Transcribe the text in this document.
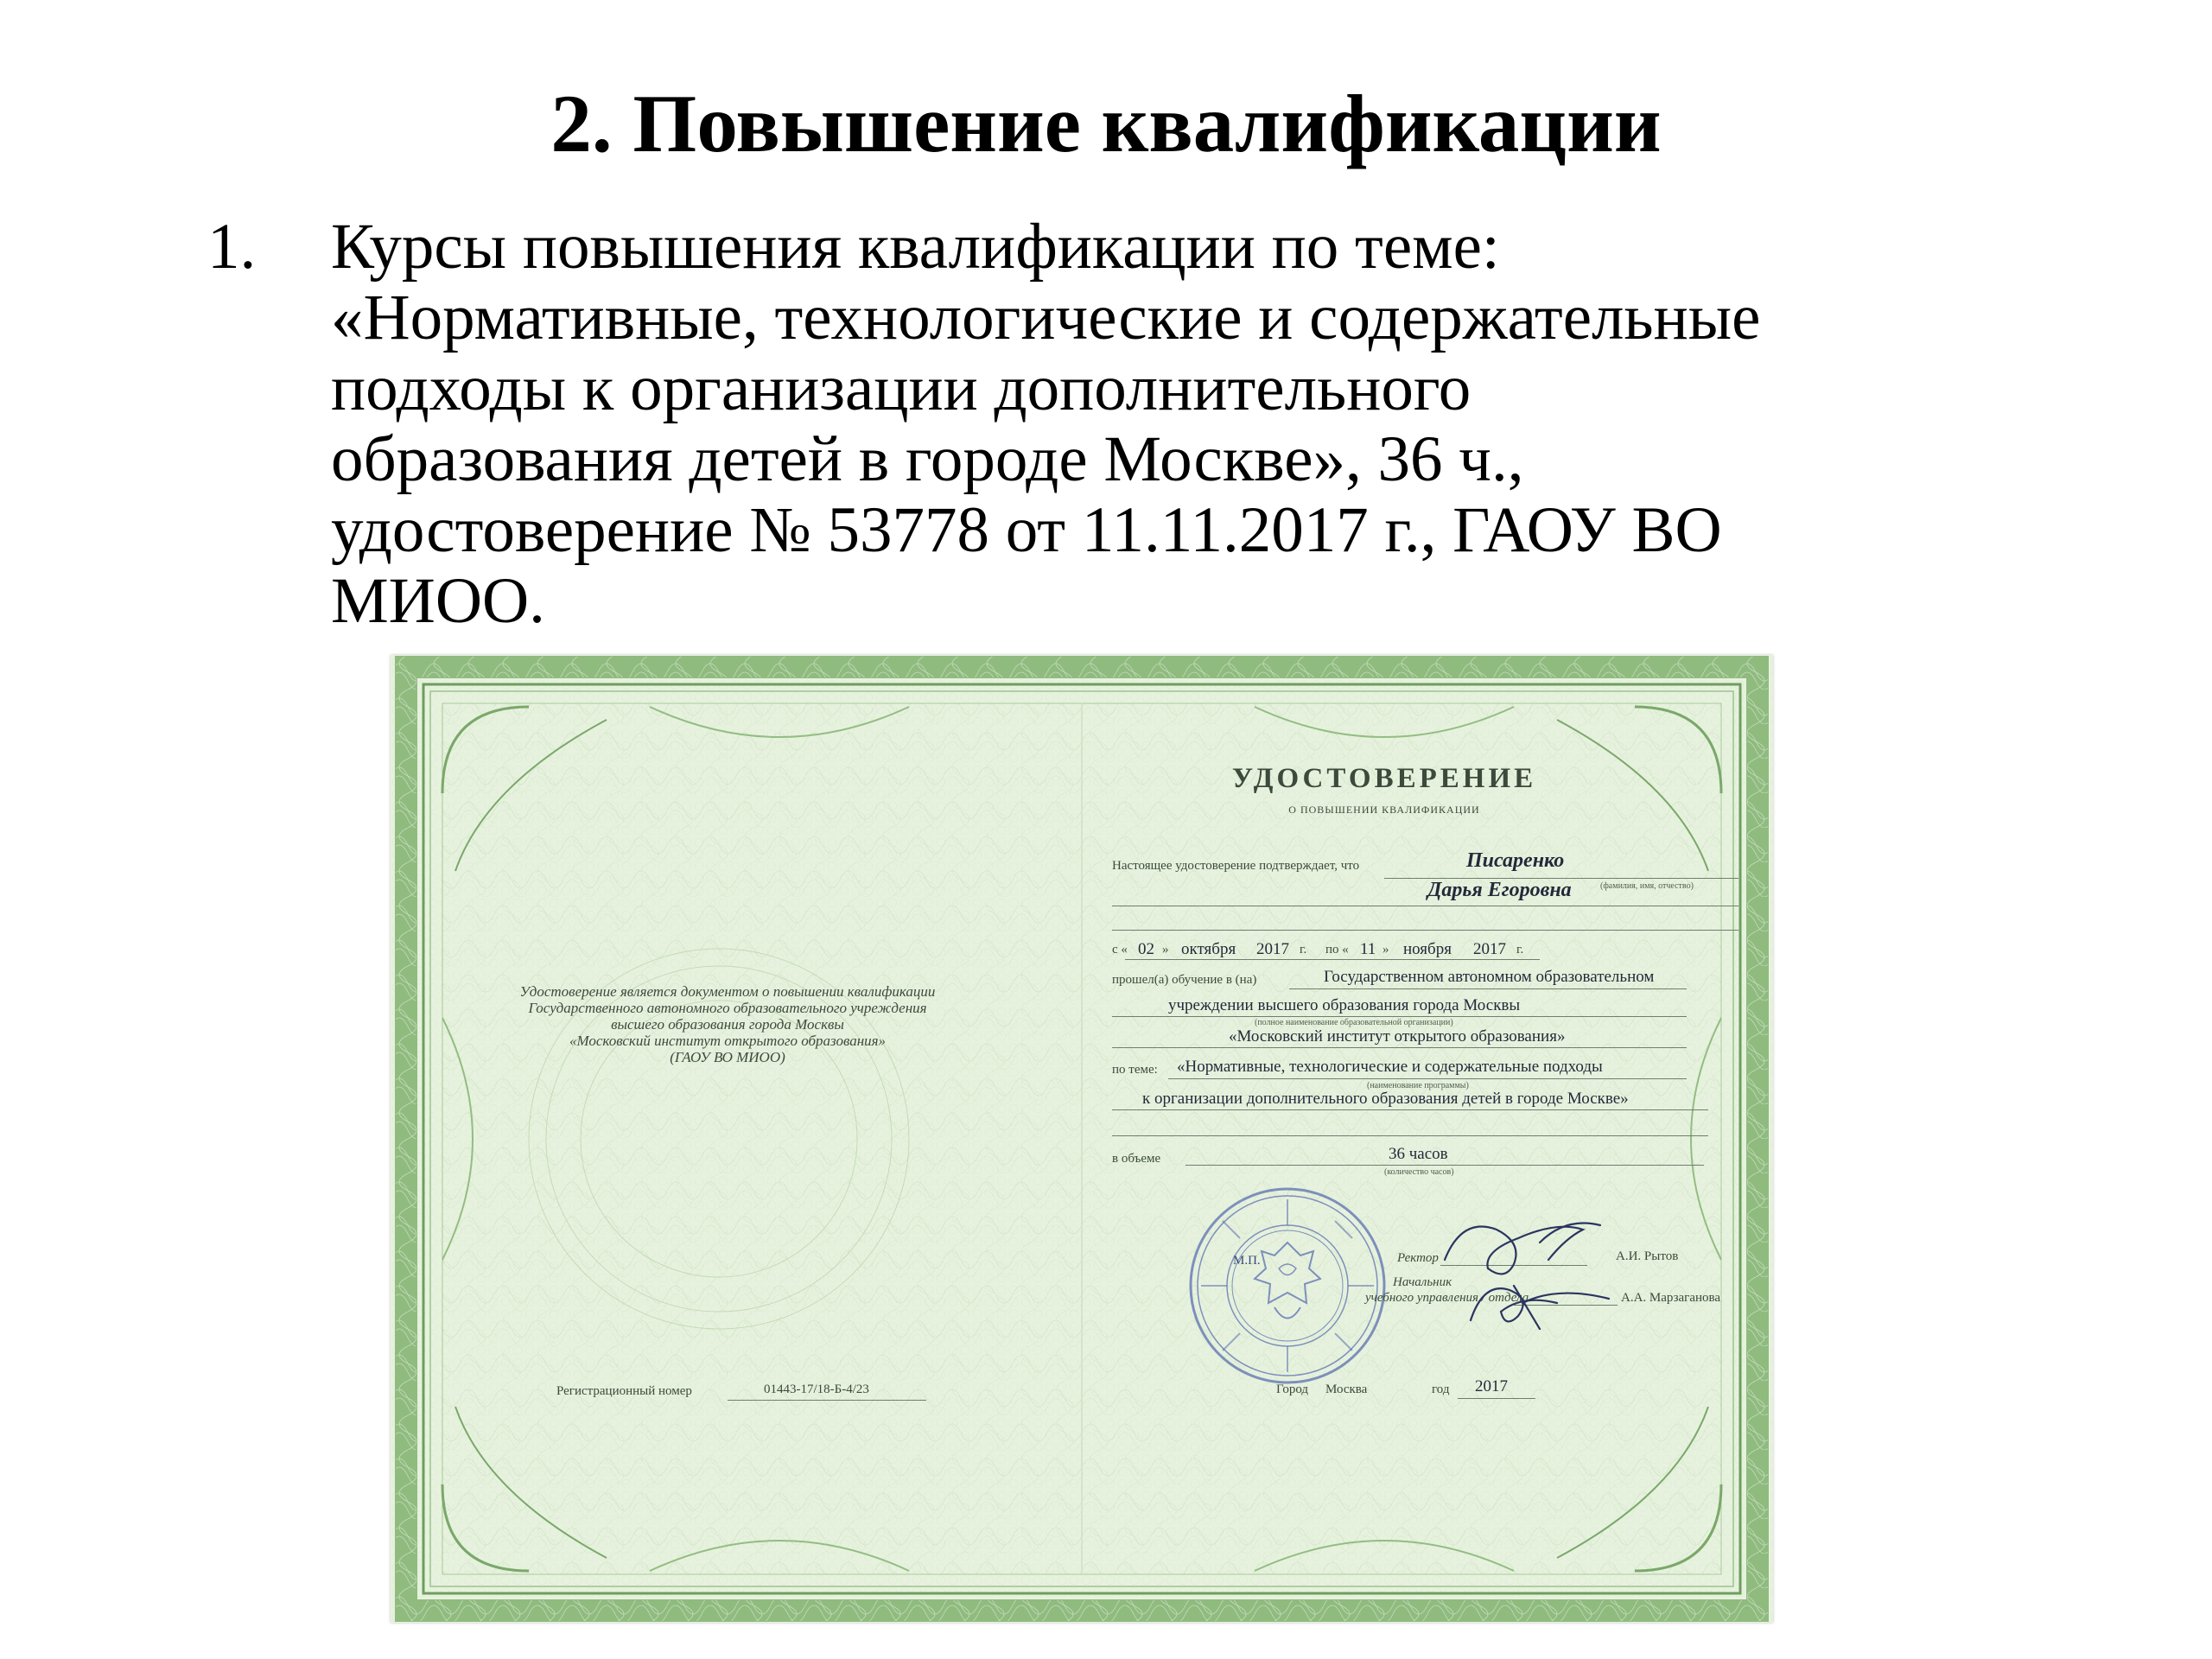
2. Повышение квалификации
1. Курсы повышения квалификации по теме:
«Нормативные, технологические и содержательные
подходы к организации дополнительного
образования детей в городе Москве», 36 ч.,
удостоверение № 53778 от 11.11.2017 г., ГАОУ ВО
МИОО.
УДОСТОВЕРЕНИЕ
О ПОВЫШЕНИИ КВАЛИФИКАЦИИ
Удостоверение является документом о повышении квалификации
Государственного автономного образовательного учреждения
высшего образования города Москвы
«Московский институт открытого образования»
(ГАОУ ВО МИОО)
Настоящее удостоверение подтверждает, что	Писаренко
(фамилия, имя, отчество)
Дарья Егоровна
с « 02 » октября 2017 г. по « 11 » ноября 2017 г.
прошел(а) обучение в (на)	Государственном автономном образовательном
учреждении высшего образования города Москвы
(полное наименование образовательной организации)
«Московский институт открытого образования»
по теме: «Нормативные, технологические и содержательные подходы
(наименование программы)
к организации дополнительного образования детей в городе Москве»
в объеме	36 часов
(количество часов)
М.П.	Ректор	А.И. Рытов
Начальник
учебного управления / отдела	А.А. Марзаганова
Регистрационный номер	01443-17/18-Б-4/23	Город Москва	год 2017
